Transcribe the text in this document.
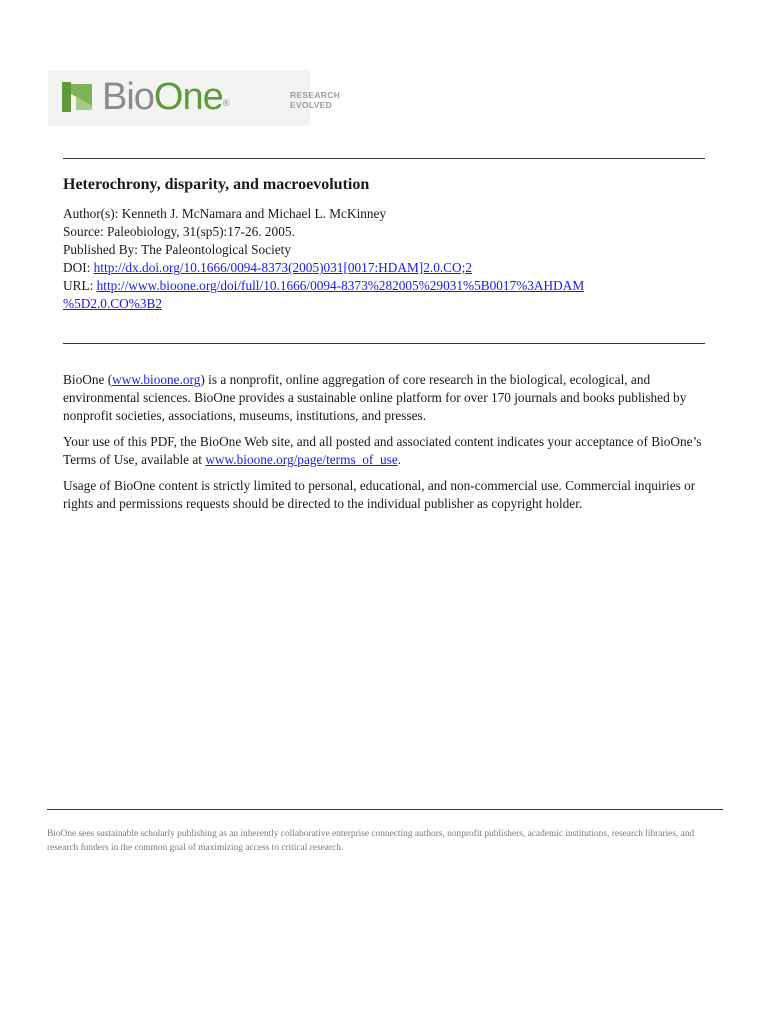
BioOne®
RESEARCH
EVOLVED
Heterochrony, disparity, and macroevolution
Author(s): Kenneth J. McNamara and Michael L. McKinney
Source: Paleobiology, 31(sp5):17-26. 2005.
Published By: The Paleontological Society
DOI: http://dx.doi.org/10.1666/0094-8373(2005)031[0017:HDAM]2.0.CO;2
URL: http://www.bioone.org/doi/full/10.1666/0094-8373%282005%29031%5B0017%3AHDAM
%5D2.0.CO%3B2

BioOne (www.bioone.org) is a nonprofit, online aggregation of core research in the biological, ecological, and environmental sciences. BioOne provides a sustainable online platform for over 170 journals and books published by nonprofit societies, associations, museums, institutions, and presses.

Your use of this PDF, the BioOne Web site, and all posted and associated content indicates your acceptance of BioOne’s Terms of Use, available at www.bioone.org/page/terms_of_use.

Usage of BioOne content is strictly limited to personal, educational, and non-commercial use. Commercial inquiries or rights and permissions requests should be directed to the individual publisher as copyright holder.

BioOne sees sustainable scholarly publishing as an inherently collaborative enterprise connecting authors, nonprofit publishers, academic institutions, research libraries, and research funders in the common goal of maximizing access to critical research.
